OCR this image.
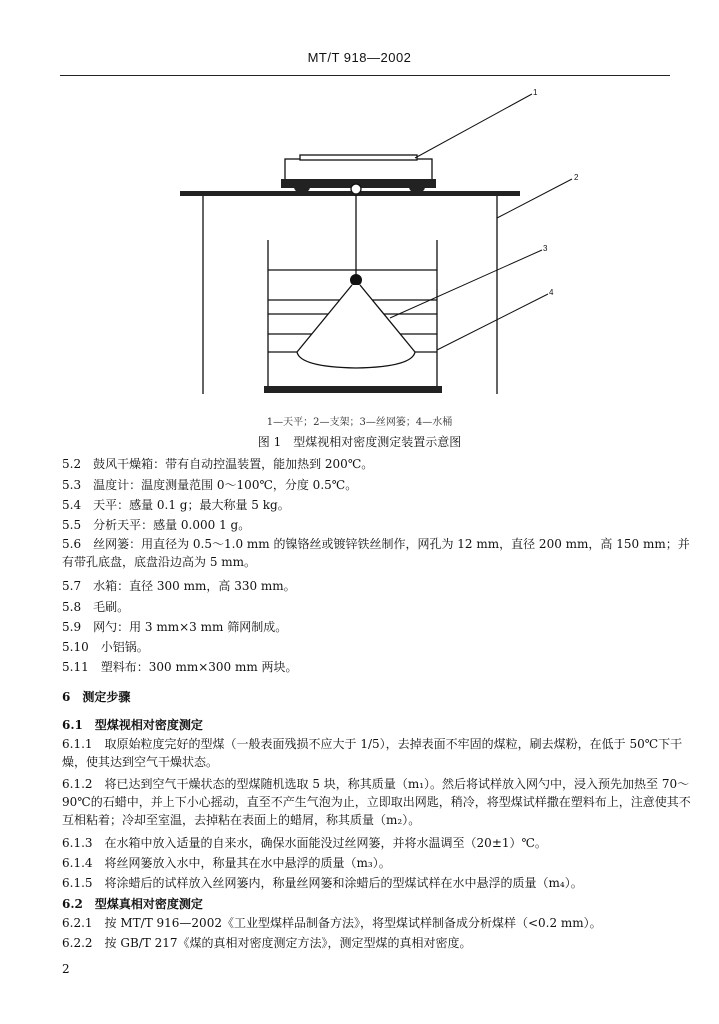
MT/T 918—2002
1
2
3
4
1—天平；2—支架；3—丝网篓；4—水桶
图 1　型煤视相对密度测定装置示意图
5.2 鼓风干燥箱：带有自动控温装置，能加热到 200℃。
5.3 温度计：温度测量范围 0～100℃，分度 0.5℃。
5.4 天平：感量 0.1 g；最大称量 5 kg。
5.5 分析天平：感量 0.000 1 g。
5.6 丝网篓：用直径为 0.5～1.0 mm 的镍铬丝或镀锌铁丝制作，网孔为 12 mm，直径 200 mm，高 150 mm；并有带孔底盘，底盘沿边高为 5 mm。
5.7 水箱：直径 300 mm，高 330 mm。
5.8 毛刷。
5.9 网勺：用 3 mm×3 mm 筛网制成。
5.10 小铝锅。
5.11 塑料布：300 mm×300 mm 两块。
6 测定步骤
6.1 型煤视相对密度测定
6.1.1 取原始粒度完好的型煤（一般表面残损不应大于 1/5），去掉表面不牢固的煤粒，刷去煤粉，在低于 50℃下干燥，使其达到空气干燥状态。
6.1.2 将已达到空气干燥状态的型煤随机选取 5 块，称其质量（m₁）。然后将试样放入网勺中，浸入预先加热至 70～90℃的石蜡中，并上下小心摇动，直至不产生气泡为止，立即取出网匙，稍冷，将型煤试样撒在塑料布上，注意使其不互相粘着；冷却至室温，去掉粘在表面上的蜡屑，称其质量（m₂）。
6.1.3 在水箱中放入适量的自来水，确保水面能没过丝网篓，并将水温调至（20±1）℃。
6.1.4 将丝网篓放入水中，称量其在水中悬浮的质量（m₃）。
6.1.5 将涂蜡后的试样放入丝网篓内，称量丝网篓和涂蜡后的型煤试样在水中悬浮的质量（m₄）。
6.2 型煤真相对密度测定
6.2.1 按 MT/T 916—2002《工业型煤样品制备方法》，将型煤试样制备成分析煤样（<0.2 mm）。
6.2.2 按 GB/T 217《煤的真相对密度测定方法》，测定型煤的真相对密度。
2
